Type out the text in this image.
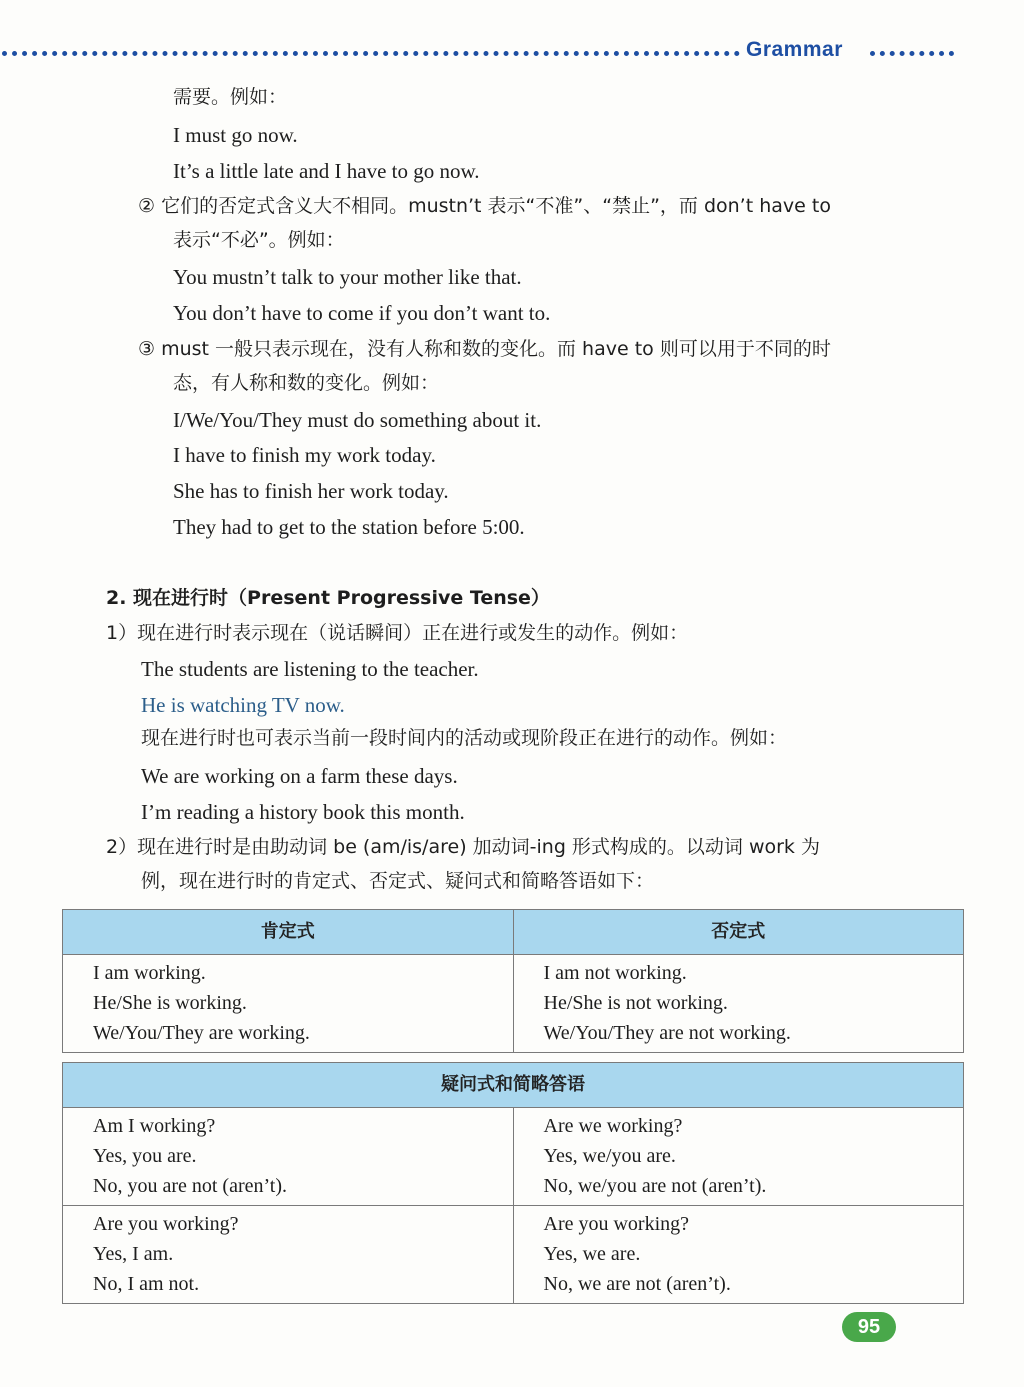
Grammar
需要。例如：
I must go now.
It’s a little late and I have to go now.
② 它们的否定式含义大不相同。mustn’t 表示“不准”、“禁止”，而 don’t have to
表示“不必”。例如：
You mustn’t talk to your mother like that.
You don’t have to come if you don’t want to.
③ must 一般只表示现在，没有人称和数的变化。而 have to 则可以用于不同的时
态，有人称和数的变化。例如：
I/We/You/They must do something about it.
I have to finish my work today.
She has to finish her work today.
They had to get to the station before 5:00.
2. 现在进行时（Present Progressive Tense）
1）现在进行时表示现在（说话瞬间）正在进行或发生的动作。例如：
The students are listening to the teacher.
He is watching TV now.
现在进行时也可表示当前一段时间内的活动或现阶段正在进行的动作。例如：
We are working on a farm these days.
I’m reading a history book this month.
2）现在进行时是由助动词 be (am/is/are) 加动词-ing 形式构成的。以动词 work 为
例，现在进行时的肯定式、否定式、疑问式和简略答语如下：
肯定式	否定式
I am working.
He/She is working.
We/You/They are working.
I am not working.
He/She is not working.
We/You/They are not working.
疑问式和简略答语
Am I working?
Yes, you are.
No, you are not (aren’t).
Are we working?
Yes, we/you are.
No, we/you are not (aren’t).
Are you working?
Yes, I am.
No, I am not.
Are you working?
Yes, we are.
No, we are not (aren’t).
95
